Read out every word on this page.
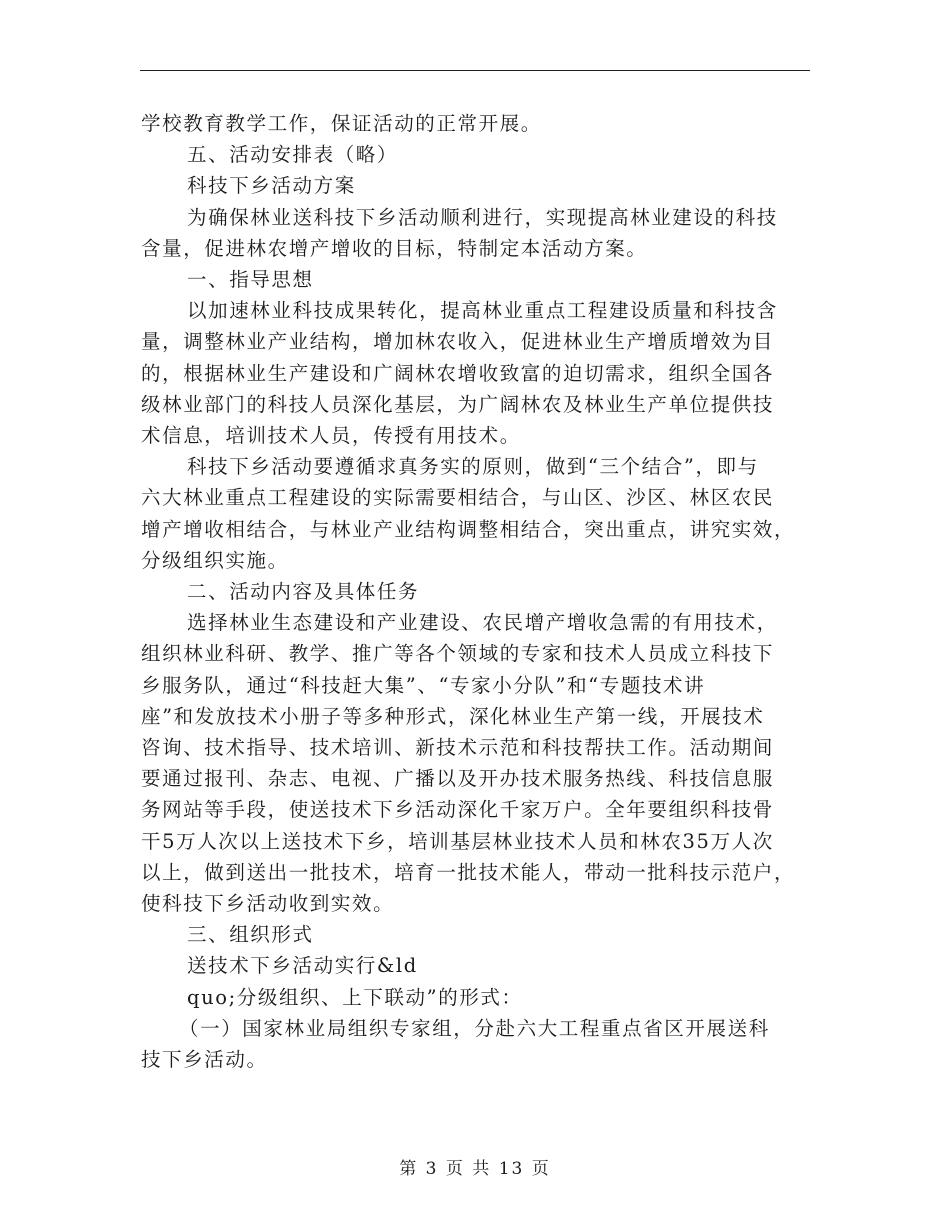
学校教育教学工作，保证活动的正常开展。

五、活动安排表（略）

科技下乡活动方案

为确保林业送科技下乡活动顺利进行，实现提高林业建设的科技

含量，促进林农增产增收的目标，特制定本活动方案。

一、指导思想

以加速林业科技成果转化，提高林业重点工程建设质量和科技含

量，调整林业产业结构，增加林农收入，促进林业生产增质增效为目

的，根据林业生产建设和广阔林农增收致富的迫切需求，组织全国各

级林业部门的科技人员深化基层，为广阔林农及林业生产单位提供技

术信息，培训技术人员，传授有用技术。

科技下乡活动要遵循求真务实的原则，做到“三个结合”，即与

六大林业重点工程建设的实际需要相结合，与山区、沙区、林区农民

增产增收相结合，与林业产业结构调整相结合，突出重点，讲究实效，

分级组织实施。

二、活动内容及具体任务

选择林业生态建设和产业建设、农民增产增收急需的有用技术，

组织林业科研、教学、推广等各个领域的专家和技术人员成立科技下

乡服务队，通过“科技赶大集”、“专家小分队”和“专题技术讲

座”和发放技术小册子等多种形式，深化林业生产第一线，开展技术

咨询、技术指导、技术培训、新技术示范和科技帮扶工作。活动期间

要通过报刊、杂志、电视、广播以及开办技术服务热线、科技信息服

务网站等手段，使送技术下乡活动深化千家万户。全年要组织科技骨

干5万人次以上送技术下乡，培训基层林业技术人员和林农35万人次

以上，做到送出一批技术，培育一批技术能人，带动一批科技示范户，

使科技下乡活动收到实效。

三、组织形式

送技术下乡活动实行&ld

quo;分级组织、上下联动”的形式：

（一）国家林业局组织专家组，分赴六大工程重点省区开展送科

技下乡活动。

第 3 页 共 13 页
